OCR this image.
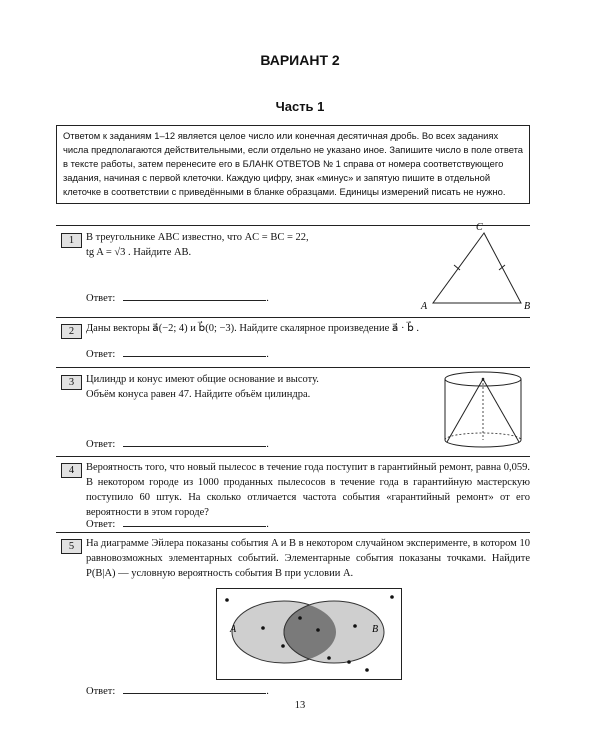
ВАРИАНТ 2
Часть 1

Ответом к заданиям 1–12 является целое число или конечная десятичная дробь. Во всех заданиях числа предполагаются действительными, если отдельно не указано иное. Запишите число в поле ответа в тексте работы, затем перенесите его в БЛАНК ОТВЕТОВ № 1 справа от номера соответствующего задания, начиная с первой клеточки. Каждую цифру, знак «минус» и запятую пишите в отдельной клеточке в соответствии с приведёнными в бланке образцами. Единицы измерений писать не нужно.

1	В треугольнике ABC известно, что AC = BC = 22,

tg A = √3 . Найдите AB.

C
A	B
Ответ:	.
2	Даны векторы a⃗(−2; 4) и b⃗(0; −3). Найдите скалярное произведение a⃗ · b⃗ .
Ответ:	.
3	Цилиндр и конус имеют общие основание и высоту.

Объём конуса равен 47. Найдите объём цилиндра.

Ответ:	.
4	Вероятность того, что новый пылесос в течение года поступит в гарантийный ремонт, равна 0,059. В некотором городе из 1000 проданных пылесосов в течение года в гарантийную мастерскую поступило 60 штук. На сколько отличается частота события «гарантийный ремонт» от его вероятности в этом городе?
Ответ:	.
5	На диаграмме Эйлера показаны события A и B в некотором случайном эксперименте, в котором 10 равновозможных элементарных событий. Элементарные события показаны точками. Найдите P(B|A) — условную вероятность события B при условии A.
A	B
Ответ:	.
13
